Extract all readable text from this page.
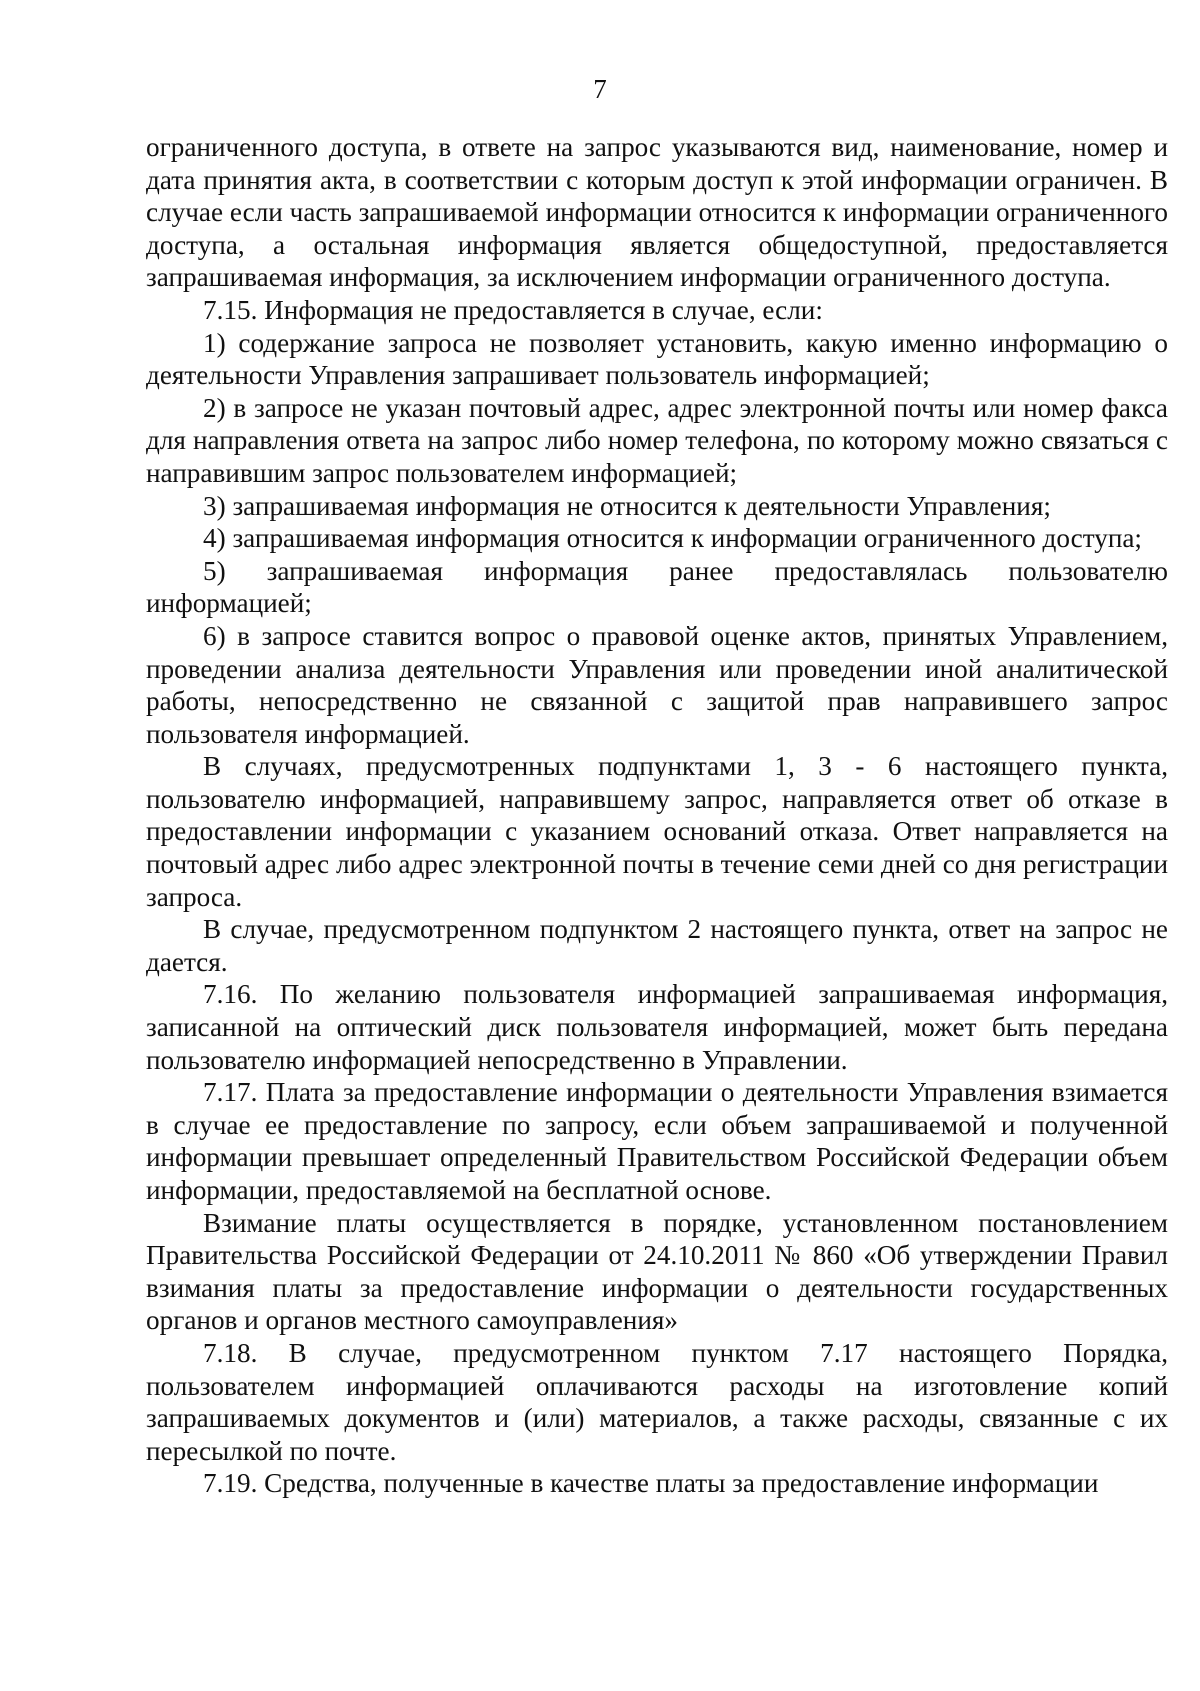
7

ограниченного доступа, в ответе на запрос указываются вид, наименование, номер и дата принятия акта, в соответствии с которым доступ к этой информации ограничен. В случае если часть запрашиваемой информации относится к информации ограниченного доступа, а остальная информация является общедоступной, предоставляется запрашиваемая информация, за исключением информации ограниченного доступа.

7.15. Информация не предоставляется в случае, если:

1) содержание запроса не позволяет установить, какую именно информацию о деятельности Управления запрашивает пользователь информацией;

2) в запросе не указан почтовый адрес, адрес электронной почты или номер факса для направления ответа на запрос либо номер телефона, по которому можно связаться с направившим запрос пользователем информацией;

3) запрашиваемая информация не относится к деятельности Управления;

4) запрашиваемая информация относится к информации ограниченного доступа;

5) запрашиваемая информация ранее предоставлялась пользователю информацией;

6) в запросе ставится вопрос о правовой оценке актов, принятых Управлением, проведении анализа деятельности Управления или проведении иной аналитической работы, непосредственно не связанной с защитой прав направившего запрос пользователя информацией.

В случаях, предусмотренных подпунктами 1, 3 - 6 настоящего пункта, пользователю информацией, направившему запрос, направляется ответ об отказе в предоставлении информации с указанием оснований отказа. Ответ направляется на почтовый адрес либо адрес электронной почты в течение семи дней со дня регистрации запроса.

В случае, предусмотренном подпунктом 2 настоящего пункта, ответ на запрос не дается.

7.16. По желанию пользователя информацией запрашиваемая информация, записанной на оптический диск пользователя информацией, может быть передана пользователю информацией непосредственно в Управлении.

7.17. Плата за предоставление информации о деятельности Управления взимается в случае ее предоставление по запросу, если объем запрашиваемой и полученной информации превышает определенный Правительством Российской Федерации объем информации, предоставляемой на бесплатной основе.

Взимание платы осуществляется в порядке, установленном постановлением Правительства Российской Федерации от 24.10.2011 № 860 «Об утверждении Правил взимания платы за предоставление информации о деятельности государственных органов и органов местного самоуправления»

7.18. В случае, предусмотренном пунктом 7.17 настоящего Порядка, пользователем информацией оплачиваются расходы на изготовление копий запрашиваемых документов и (или) материалов, а также расходы, связанные с их пересылкой по почте.

7.19. Средства, полученные в качестве платы за предоставление информации
